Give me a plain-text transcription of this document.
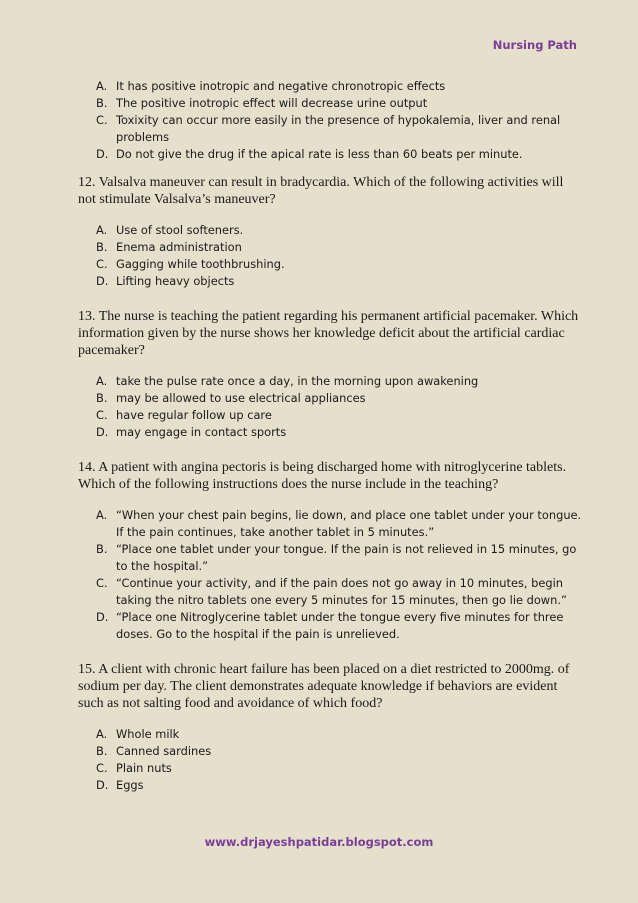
Nursing Path
A. It has positive inotropic and negative chronotropic effects
B. The positive inotropic effect will decrease urine output
C. Toxixity can occur more easily in the presence of hypokalemia, liver and renal problems
D. Do not give the drug if the apical rate is less than 60 beats per minute.

12. Valsalva maneuver can result in bradycardia. Which of the following activities will not stimulate Valsalva’s maneuver?

A. Use of stool softeners.
B. Enema administration
C. Gagging while toothbrushing.
D. Lifting heavy objects

13. The nurse is teaching the patient regarding his permanent artificial pacemaker. Which information given by the nurse shows her knowledge deficit about the artificial cardiac pacemaker?

A. take the pulse rate once a day, in the morning upon awakening
B. may be allowed to use electrical appliances
C. have regular follow up care
D. may engage in contact sports

14. A patient with angina pectoris is being discharged home with nitroglycerine tablets. Which of the following instructions does the nurse include in the teaching?

A. “When your chest pain begins, lie down, and place one tablet under your tongue. If the pain continues, take another tablet in 5 minutes.”
B. “Place one tablet under your tongue. If the pain is not relieved in 15 minutes, go to the hospital.”
C. “Continue your activity, and if the pain does not go away in 10 minutes, begin taking the nitro tablets one every 5 minutes for 15 minutes, then go lie down.”
D. “Place one Nitroglycerine tablet under the tongue every five minutes for three doses. Go to the hospital if the pain is unrelieved.

15. A client with chronic heart failure has been placed on a diet restricted to 2000mg. of sodium per day. The client demonstrates adequate knowledge if behaviors are evident such as not salting food and avoidance of which food?

A. Whole milk
B. Canned sardines
C. Plain nuts
D. Eggs
www.drjayeshpatidar.blogspot.com
